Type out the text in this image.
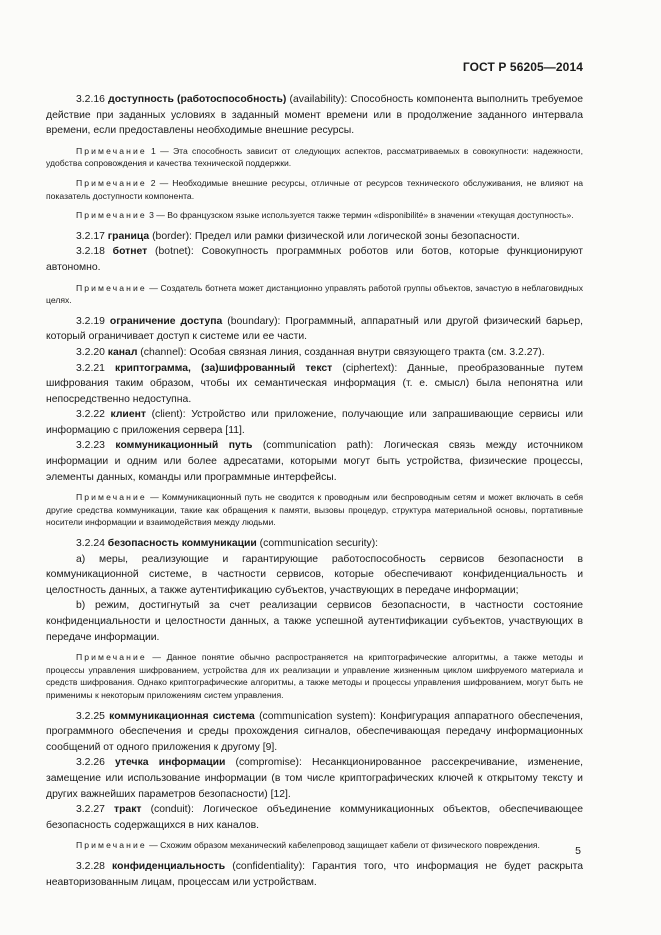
ГОСТ Р 56205—2014

3.2.16 доступность (работоспособность) (availability): Способность компонента выполнить требуемое действие при заданных условиях в заданный момент времени или в продолжение заданного интервала времени, если предоставлены необходимые внешние ресурсы.

Примечание 1 — Эта способность зависит от следующих аспектов, рассматриваемых в совокупности: надежности, удобства сопровождения и качества технической поддержки.

Примечание 2 — Необходимые внешние ресурсы, отличные от ресурсов технического обслуживания, не влияют на показатель доступности компонента.

Примечание 3 — Во французском языке используется также термин «disponibilité» в значении «текущая доступность».

3.2.17 граница (border): Предел или рамки физической или логической зоны безопасности.

3.2.18 ботнет (botnet): Совокупность программных роботов или ботов, которые функционируют автономно.

Примечание — Создатель ботнета может дистанционно управлять работой группы объектов, зачастую в неблаговидных целях.

3.2.19 ограничение доступа (boundary): Программный, аппаратный или другой физический барьер, который ограничивает доступ к системе или ее части.

3.2.20 канал (channel): Особая связная линия, созданная внутри связующего тракта (см. 3.2.27).

3.2.21 криптограмма, (за)шифрованный текст (ciphertext): Данные, преобразованные путем шифрования таким образом, чтобы их семантическая информация (т. е. смысл) была непонятна или непосредственно недоступна.

3.2.22 клиент (client): Устройство или приложение, получающие или запрашивающие сервисы или информацию с приложения сервера [11].

3.2.23 коммуникационный путь (communication path): Логическая связь между источником информации и одним или более адресатами, которыми могут быть устройства, физические процессы, элементы данных, команды или программные интерфейсы.

Примечание — Коммуникационный путь не сводится к проводным или беспроводным сетям и может включать в себя другие средства коммуникации, такие как обращения к памяти, вызовы процедур, структура материальной основы, портативные носители информации и взаимодействия между людьми.

3.2.24 безопасность коммуникации (communication security):

а) меры, реализующие и гарантирующие работоспособность сервисов безопасности в коммуникационной системе, в частности сервисов, которые обеспечивают конфиденциальность и целостность данных, а также аутентификацию субъектов, участвующих в передаче информации;

b) режим, достигнутый за счет реализации сервисов безопасности, в частности состояние конфиденциальности и целостности данных, а также успешной аутентификации субъектов, участвующих в передаче информации.

Примечание — Данное понятие обычно распространяется на криптографические алгоритмы, а также методы и процессы управления шифрованием, устройства для их реализации и управление жизненным циклом шифруемого материала и средств шифрования. Однако криптографические алгоритмы, а также методы и процессы управления шифрованием, могут быть не применимы к некоторым приложениям систем управления.

3.2.25 коммуникационная система (communication system): Конфигурация аппаратного обеспечения, программного обеспечения и среды прохождения сигналов, обеспечивающая передачу информационных сообщений от одного приложения к другому [9].

3.2.26 утечка информации (compromise): Несанкционированное рассекречивание, изменение, замещение или использование информации (в том числе криптографических ключей к открытому тексту и других важнейших параметров безопасности) [12].

3.2.27 тракт (conduit): Логическое объединение коммуникационных объектов, обеспечивающее безопасность содержащихся в них каналов.

Примечание — Схожим образом механический кабелепровод защищает кабели от физического повреждения.

3.2.28 конфиденциальность (confidentiality): Гарантия того, что информация не будет раскрыта неавторизованным лицам, процессам или устройствам.

5
